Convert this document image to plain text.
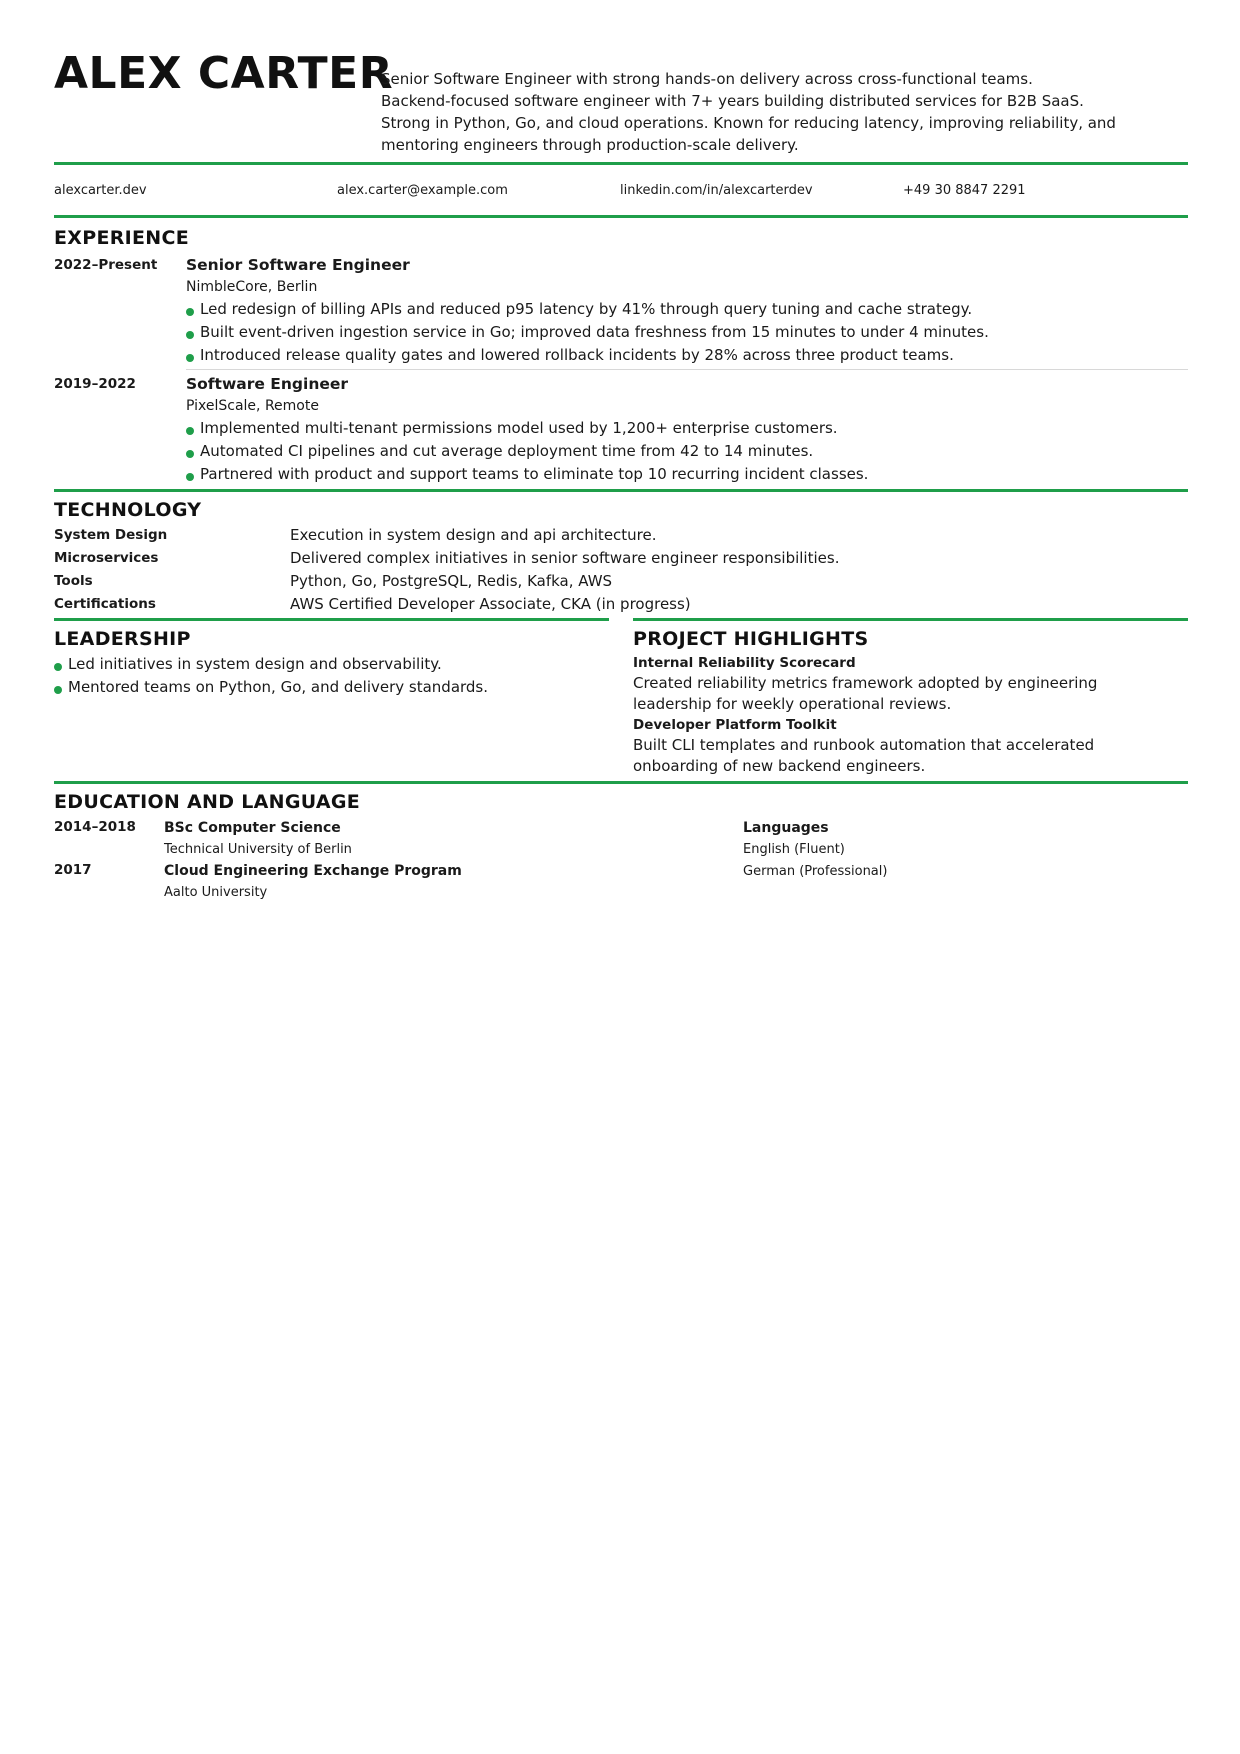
ALEX CARTER
Senior Software Engineer with strong hands-on delivery across cross-functional teams.
Backend-focused software engineer with 7+ years building distributed services for B2B SaaS.
Strong in Python, Go, and cloud operations. Known for reducing latency, improving reliability, and
mentoring engineers through production-scale delivery.
alexcarter.dev	alex.carter@example.com	linkedin.com/in/alexcarterdev	+49 30 8847 2291
EXPERIENCE
2022–Present	Senior Software Engineer
NimbleCore, Berlin
Led redesign of billing APIs and reduced p95 latency by 41% through query tuning and cache strategy.
Built event-driven ingestion service in Go; improved data freshness from 15 minutes to under 4 minutes.
Introduced release quality gates and lowered rollback incidents by 28% across three product teams.
2019–2022	Software Engineer
PixelScale, Remote
Implemented multi-tenant permissions model used by 1,200+ enterprise customers.
Automated CI pipelines and cut average deployment time from 42 to 14 minutes.
Partnered with product and support teams to eliminate top 10 recurring incident classes.
TECHNOLOGY
System Design	Execution in system design and api architecture.
Microservices	Delivered complex initiatives in senior software engineer responsibilities.
Tools	Python, Go, PostgreSQL, Redis, Kafka, AWS
Certifications	AWS Certified Developer Associate, CKA (in progress)
LEADERSHIP
Led initiatives in system design and observability.
Mentored teams on Python, Go, and delivery standards.
PROJECT HIGHLIGHTS
Internal Reliability Scorecard
Created reliability metrics framework adopted by engineering
leadership for weekly operational reviews.
Developer Platform Toolkit
Built CLI templates and runbook automation that accelerated
onboarding of new backend engineers.
EDUCATION AND LANGUAGE
2014–2018	BSc Computer Science
Technical University of Berlin
2017	Cloud Engineering Exchange Program
Aalto University
Languages
English (Fluent)
German (Professional)
